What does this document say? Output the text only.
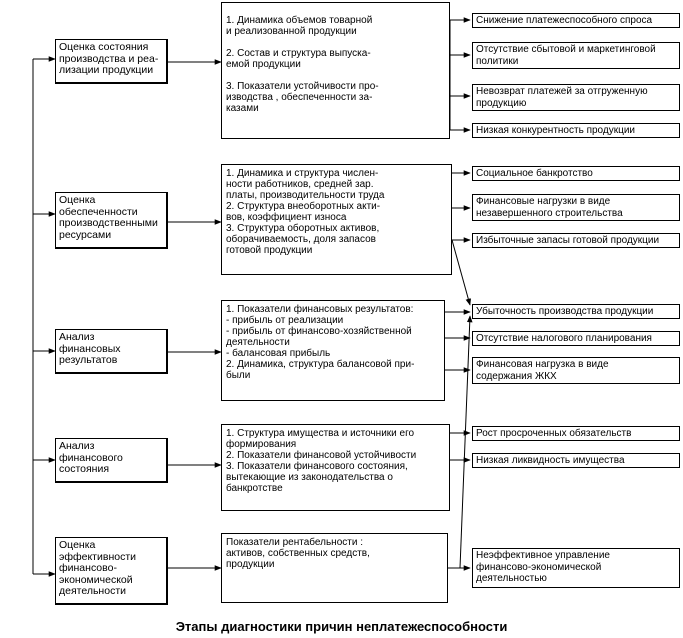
Оценка состояния
производства и реа-
лизации продукции
Оценка
обеспеченности
производственными
ресурсами
Анализ
финансовых
результатов
Анализ
финансового
состояния
Оценка
эффективности
финансово-
экономической
деятельности
1. Динамика объемов товарной
и реализованной продукции
2. Состав и структура выпуска-
емой продукции
3. Показатели устойчивости про-
изводства , обеспеченности за-
казами
1. Динамика и структура числен-
ности работников, средней зар.
платы, производительности труда
2. Структура внеоборотных акти-
вов, коэффициент износа
3. Структура оборотных активов,
оборачиваемость, доля запасов
готовой продукции
1. Показатели финансовых результатов:
- прибыль от реализации
- прибыль от финансово-хозяйственной
деятельности
- балансовая прибыль
2. Динамика, структура балансовой при-
были
1. Структура имущества и источники его
формирования
2. Показатели финансовой устойчивости
3. Показатели финансового состояния,
вытекающие из законодательства о
банкротстве
Показатели рентабельности :
активов, собственных средств,
продукции
Снижение платежеспособного спроса
Отсутствие сбытовой и маркетинговой
политики
Невозврат платежей за отгруженную
продукцию
Низкая конкурентность продукции
Социальное банкротство
Финансовые нагрузки в виде
незавершенного строительства
Избыточные запасы готовой продукции
Убыточность производства продукции
Отсутствие налогового планирования
Финансовая нагрузка в виде
содержания ЖКХ
Рост просроченных обязательств
Низкая ликвидность имущества
Неэффективное управление
финансово-экономической
деятельностью
Этапы диагностики причин неплатежеспособности
